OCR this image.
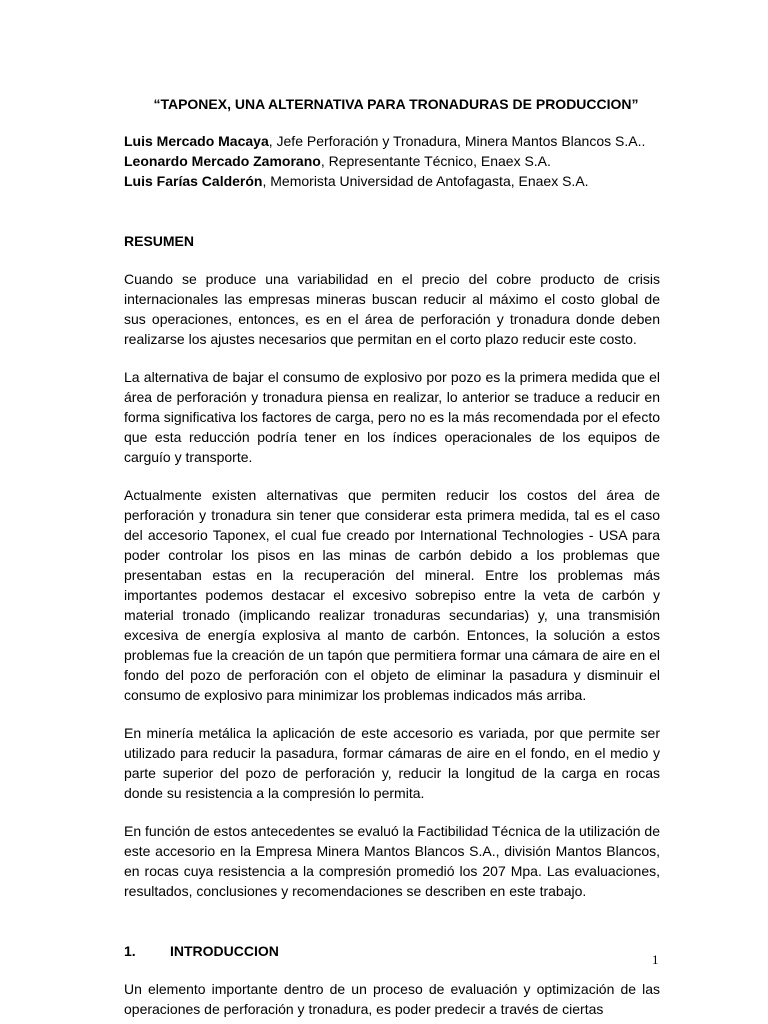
“TAPONEX, UNA ALTERNATIVA PARA TRONADURAS DE PRODUCCION”

Luis Mercado Macaya, Jefe Perforación y Tronadura, Minera Mantos Blancos S.A..
Leonardo Mercado Zamorano, Representante Técnico, Enaex S.A.
Luis Farías Calderón, Memorista Universidad de Antofagasta, Enaex S.A.

RESUMEN

Cuando se produce una variabilidad en el precio del cobre producto de crisis internacionales las empresas mineras buscan reducir al máximo el costo global de sus operaciones, entonces, es en el área de perforación y tronadura donde deben realizarse los ajustes necesarios que permitan en el corto plazo reducir este costo.

La alternativa de bajar el consumo de explosivo por pozo es la primera medida que el área de perforación y tronadura piensa en realizar, lo anterior se traduce a reducir en forma significativa los factores de carga, pero no es la más recomendada por el efecto que esta reducción podría tener en los índices operacionales de los equipos de carguío y transporte.

Actualmente existen alternativas que permiten reducir los costos del área de perforación y tronadura sin tener que considerar esta primera medida, tal es el caso del accesorio Taponex, el cual fue creado por International Technologies - USA para poder controlar los pisos en las minas de carbón debido a los problemas que presentaban estas en la recuperación del mineral. Entre los problemas más importantes podemos destacar el excesivo sobrepiso entre la veta de carbón y material tronado (implicando realizar tronaduras secundarias) y, una transmisión excesiva de energía explosiva al manto de carbón. Entonces, la solución a estos problemas fue la creación de un tapón que permitiera formar una cámara de aire en el fondo del pozo de perforación con el objeto de eliminar la pasadura y disminuir el consumo de explosivo para minimizar los problemas indicados más arriba.

En minería metálica la aplicación de este accesorio es variada, por que permite ser utilizado para reducir la pasadura, formar cámaras de aire en el fondo, en el medio y parte superior del pozo de perforación y, reducir la longitud de la carga en rocas donde su resistencia a la compresión lo permita.

En función de estos antecedentes se evaluó la Factibilidad Técnica de la utilización de este accesorio en la Empresa Minera Mantos Blancos S.A., división Mantos Blancos, en rocas cuya resistencia a la compresión promedió los 207 Mpa. Las evaluaciones, resultados, conclusiones y recomendaciones se describen en este trabajo.

1.	INTRODUCCION

Un elemento importante dentro de un proceso de evaluación y optimización de las operaciones de perforación y tronadura, es poder predecir a través de ciertas

1
